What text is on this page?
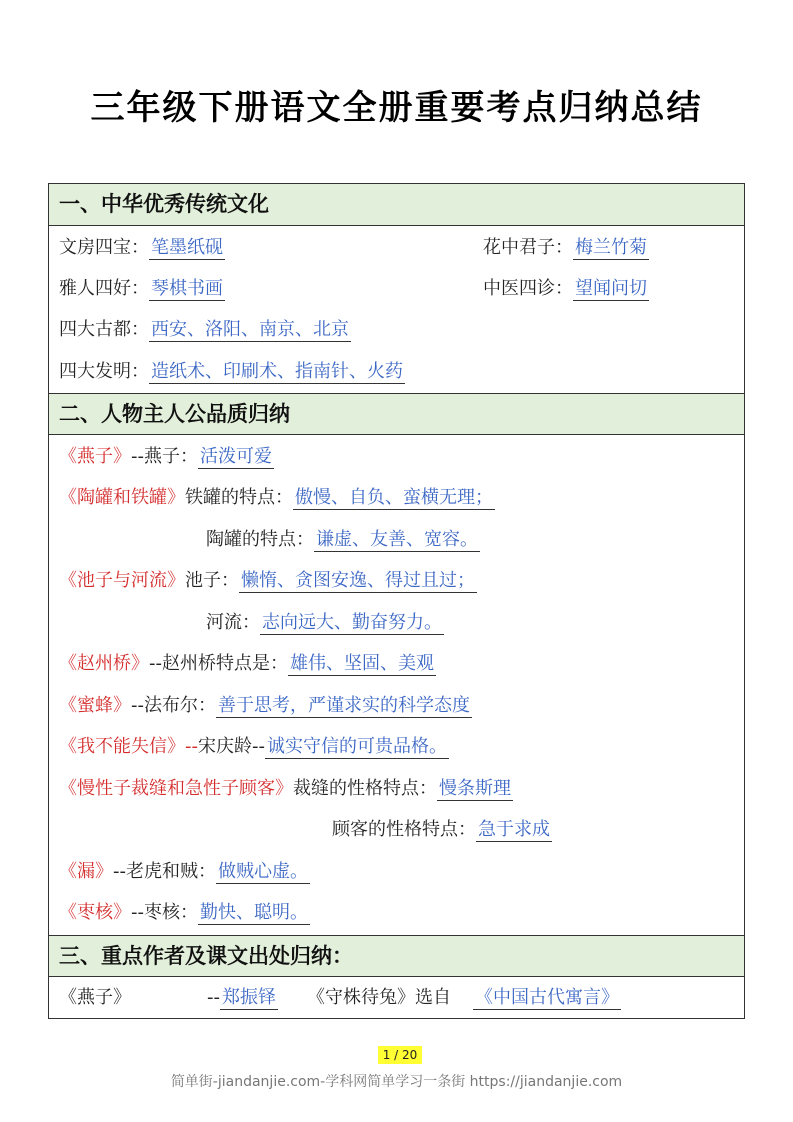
三年级下册语文全册重要考点归纳总结
一、中华优秀传统文化
文房四宝： 笔墨纸砚	花中君子： 梅兰竹菊
雅人四好： 琴棋书画	中医四诊： 望闻问切
四大古都： 西安、洛阳、南京、北京
四大发明： 造纸术、印刷术、指南针、火药
二、人物主人公品质归纳
《燕子》--燕子： 活泼可爱
《陶罐和铁罐》铁罐的特点： 傲慢、自负、蛮横无理；
陶罐的特点： 谦虚、友善、宽容。
《池子与河流》池子： 懒惰、贪图安逸、得过且过；
河流： 志向远大、勤奋努力。
《赵州桥》--赵州桥特点是： 雄伟、坚固、美观
《蜜蜂》--法布尔： 善于思考，严谨求实的科学态度
《我不能失信》--宋庆龄-- 诚实守信的可贵品格。
《慢性子裁缝和急性子顾客》裁缝的性格特点： 慢条斯理
顾客的性格特点： 急于求成
《漏》--老虎和贼： 做贼心虚。
《枣核》--枣核： 勤快、聪明。
三、重点作者及课文出处归纳：
《燕子》	-- 郑振铎 《守株待兔》选自 《中国古代寓言》
1 / 20
简单街-jiandanjie.com-学科网简单学习一条街 https://jiandanjie.com
